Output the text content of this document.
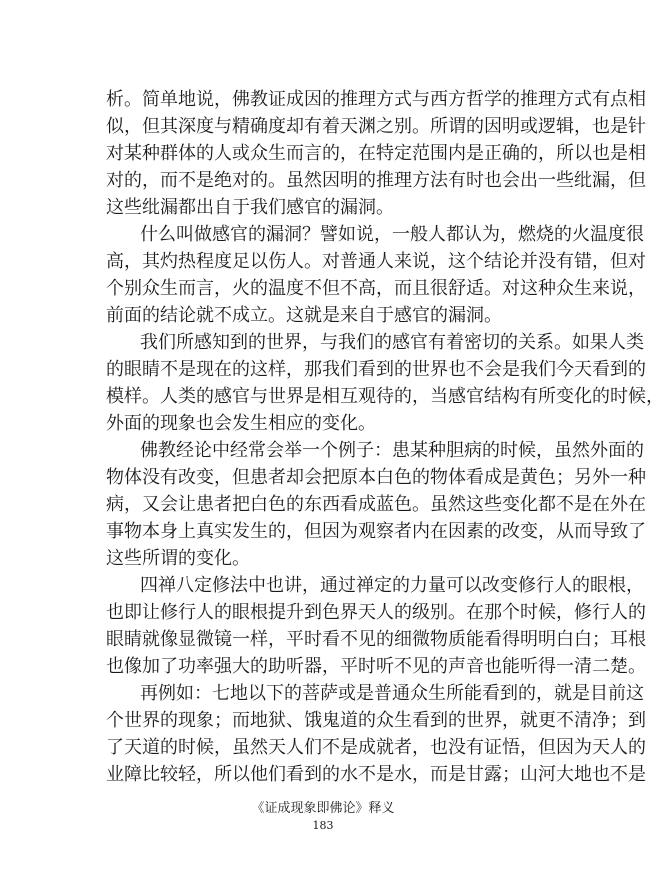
析。简单地说，佛教证成因的推理方式与西方哲学的推理方式有点相
似，但其深度与精确度却有着天渊之别。所谓的因明或逻辑，也是针
对某种群体的人或众生而言的，在特定范围内是正确的，所以也是相
对的，而不是绝对的。虽然因明的推理方法有时也会出一些纰漏，但
这些纰漏都出自于我们感官的漏洞。
什么叫做感官的漏洞？譬如说，一般人都认为，燃烧的火温度很
高，其灼热程度足以伤人。对普通人来说，这个结论并没有错，但对
个别众生而言，火的温度不但不高，而且很舒适。对这种众生来说，
前面的结论就不成立。这就是来自于感官的漏洞。
我们所感知到的世界，与我们的感官有着密切的关系。如果人类
的眼睛不是现在的这样，那我们看到的世界也不会是我们今天看到的
模样。人类的感官与世界是相互观待的，当感官结构有所变化的时候，
外面的现象也会发生相应的变化。
佛教经论中经常会举一个例子：患某种胆病的时候，虽然外面的
物体没有改变，但患者却会把原本白色的物体看成是黄色；另外一种
病，又会让患者把白色的东西看成蓝色。虽然这些变化都不是在外在
事物本身上真实发生的，但因为观察者内在因素的改变，从而导致了
这些所谓的变化。
四禅八定修法中也讲，通过禅定的力量可以改变修行人的眼根，
也即让修行人的眼根提升到色界天人的级别。在那个时候，修行人的
眼睛就像显微镜一样，平时看不见的细微物质能看得明明白白；耳根
也像加了功率强大的助听器，平时听不见的声音也能听得一清二楚。
再例如：七地以下的菩萨或是普通众生所能看到的，就是目前这
个世界的现象；而地狱、饿鬼道的众生看到的世界，就更不清净；到
了天道的时候，虽然天人们不是成就者，也没有证悟，但因为天人的
业障比较轻，所以他们看到的水不是水，而是甘露；山河大地也不是
《证成现象即佛论》释义
183
